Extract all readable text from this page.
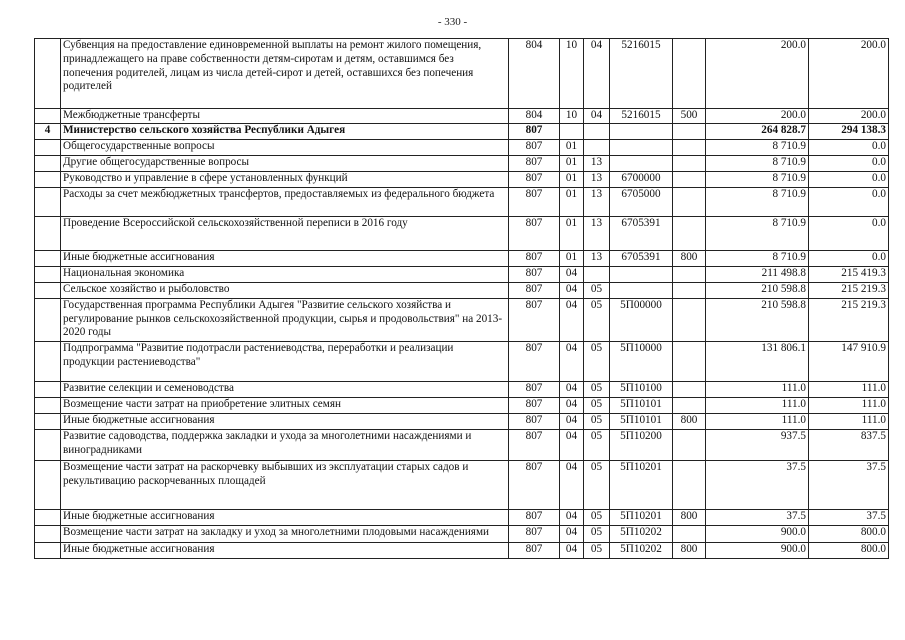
- 330 -
	Субвенция на предоставление единовременной выплаты на ремонт жилого помещения, принадлежащего на праве собственности детям-сиротам и детям, оставшимся без попечения родителей, лицам из числа детей-сирот и детей, оставшихся без попечения родителей	804	10	04	5216015		200.0	200.0
	Межбюджетные трансферты	804	10	04	5216015	500	200.0	200.0
4	Министерство сельского хозяйства Республики Адыгея	807					264 828.7	294 138.3
	Общегосударственные вопросы	807	01				8 710.9	0.0
	Другие общегосударственные вопросы	807	01	13			8 710.9	0.0
	Руководство и управление в сфере установленных функций	807	01	13	6700000		8 710.9	0.0
	Расходы за счет межбюджетных трансфертов, предоставляемых из федерального бюджета	807	01	13	6705000		8 710.9	0.0
	Проведение Всероссийской сельскохозяйственной переписи в 2016 году	807	01	13	6705391		8 710.9	0.0
	Иные бюджетные ассигнования	807	01	13	6705391	800	8 710.9	0.0
	Национальная экономика	807	04				211 498.8	215 419.3
	Сельское хозяйство и рыболовство	807	04	05			210 598.8	215 219.3
	Государственная программа Республики Адыгея "Развитие сельского хозяйства и регулирование рынков сельскохозяйственной продукции, сырья и продовольствия" на 2013-2020 годы	807	04	05	5П00000		210 598.8	215 219.3
	Подпрограмма "Развитие подотрасли растениеводства, переработки и реализации продукции растениеводства"	807	04	05	5П10000		131 806.1	147 910.9
	Развитие селекции и семеноводства	807	04	05	5П10100		111.0	111.0
	Возмещение части затрат на приобретение элитных семян	807	04	05	5П10101		111.0	111.0
	Иные бюджетные ассигнования	807	04	05	5П10101	800	111.0	111.0
	Развитие садоводства, поддержка закладки и ухода за многолетними насаждениями и виноградниками	807	04	05	5П10200		937.5	837.5
	Возмещение части затрат на раскорчевку выбывших из эксплуатации старых садов и рекультивацию раскорчеванных площадей	807	04	05	5П10201		37.5	37.5
	Иные бюджетные ассигнования	807	04	05	5П10201	800	37.5	37.5
	Возмещение части затрат на закладку и уход за многолетними плодовыми насаждениями	807	04	05	5П10202		900.0	800.0
	Иные бюджетные ассигнования	807	04	05	5П10202	800	900.0	800.0
